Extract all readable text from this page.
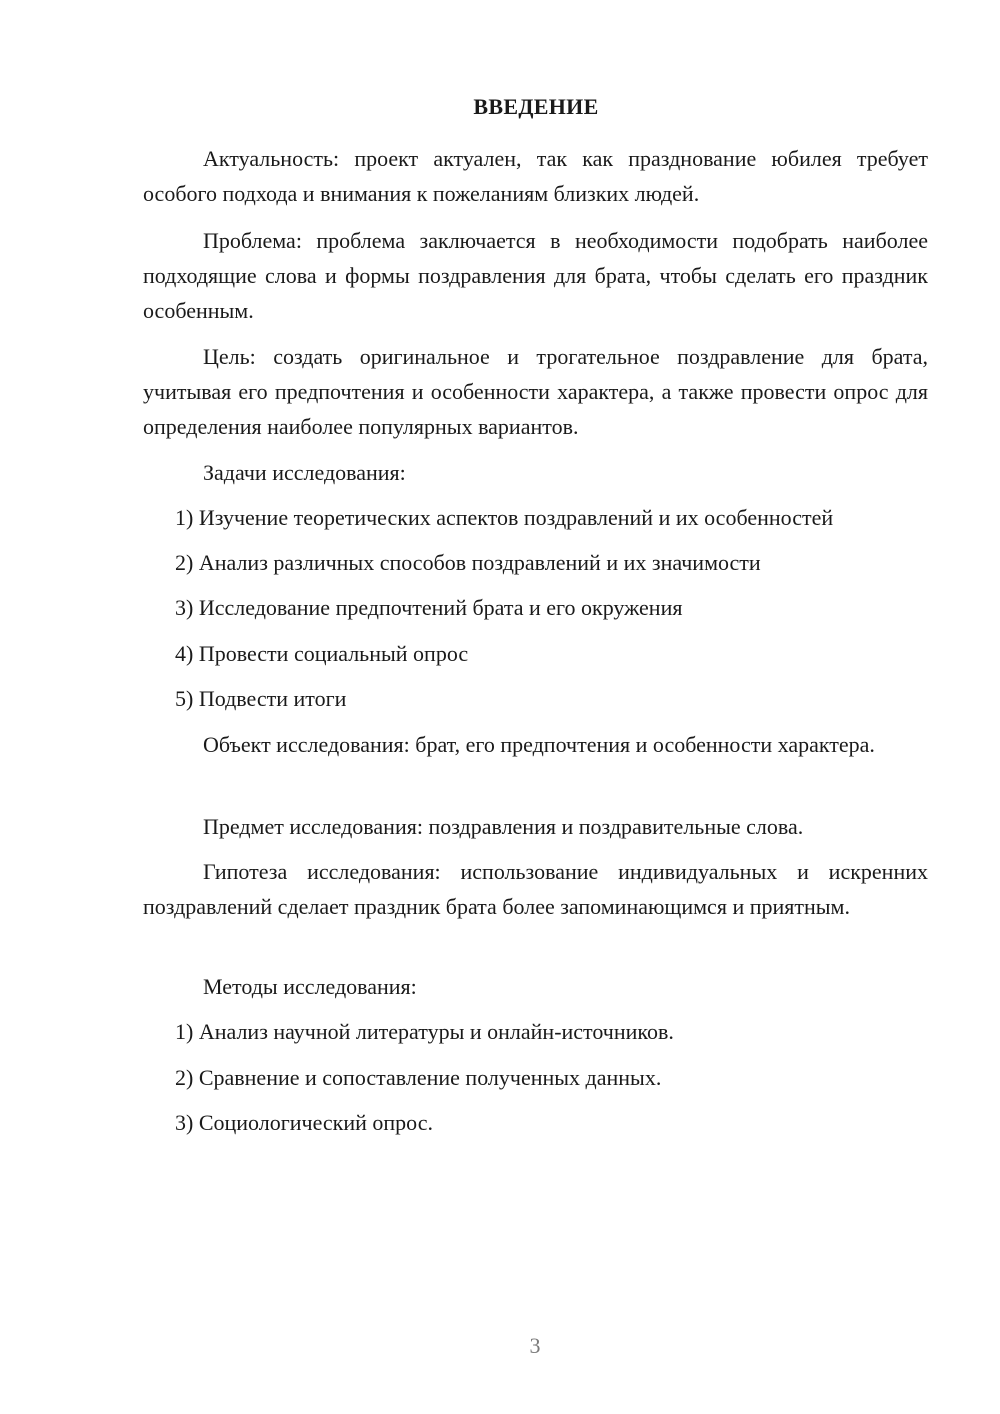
ВВЕДЕНИЕ
Актуальность: проект актуален, так как празднование юбилея требует особого подхода и внимания к пожеланиям близких людей.
Проблема: проблема заключается в необходимости подобрать наиболее подходящие слова и формы поздравления для брата, чтобы сделать его праздник особенным.
Цель: создать оригинальное и трогательное поздравление для брата, учитывая его предпочтения и особенности характера, а также провести опрос для определения наиболее популярных вариантов.
Задачи исследования:
1) Изучение теоретических аспектов поздравлений и их особенностей
2) Анализ различных способов поздравлений и их значимости
3) Исследование предпочтений брата и его окружения
4) Провести социальный опрос
5) Подвести итоги
Объект исследования: брат, его предпочтения и особенности характера.
Предмет исследования: поздравления и поздравительные слова.
Гипотеза исследования: использование индивидуальных и искренних поздравлений сделает праздник брата более запоминающимся и приятным.
Методы исследования:
1) Анализ научной литературы и онлайн-источников.
2) Сравнение и сопоставление полученных данных.
3) Социологический опрос.
3
